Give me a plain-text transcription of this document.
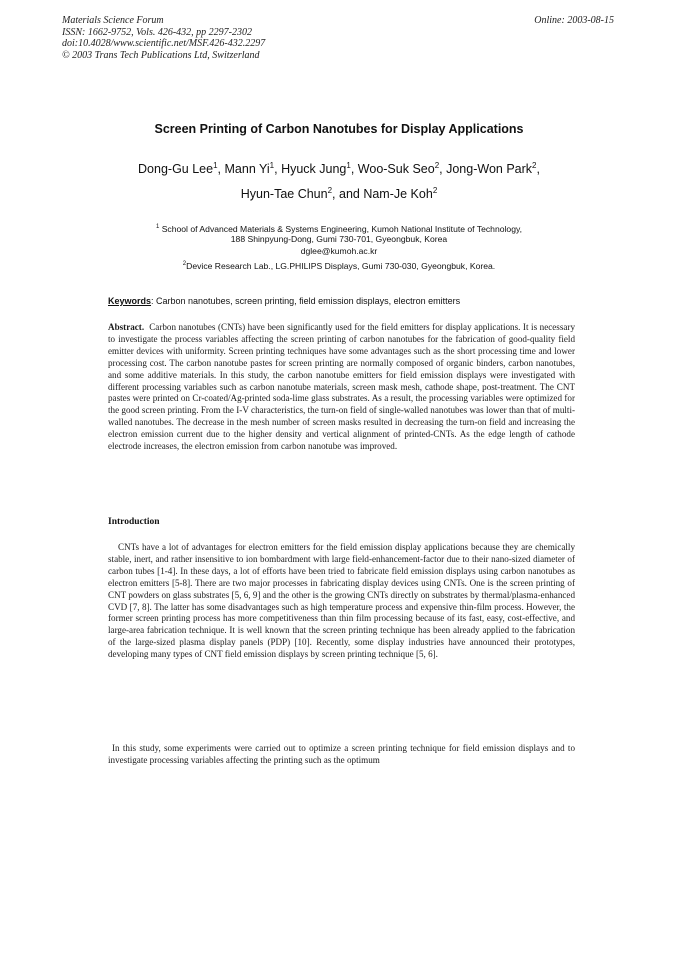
Materials Science Forum
ISSN: 1662-9752, Vols. 426-432, pp 2297-2302
doi:10.4028/www.scientific.net/MSF.426-432.2297
© 2003 Trans Tech Publications Ltd, Switzerland
Online: 2003-08-15
Screen Printing of Carbon Nanotubes for Display Applications
Dong-Gu Lee$^1$, Mann Yi$^1$, Hyuck Jung$^1$, Woo-Suk Seo$^2$, Jong-Won Park$^2$,
Hyun-Tae Chun$^2$, and Nam-Je Koh$^2$
$^1$ School of Advanced Materials & Systems Engineering, Kumoh National Institute of Technology,
188 Shinpyung-Dong, Gumi 730-701, Gyeongbuk, Korea
dglee@kumoh.ac.kr
$^2$Device Research Lab., LG.PHILIPS Displays, Gumi 730-030, Gyeongbuk, Korea.
Keywords: Carbon nanotubes, screen printing, field emission displays, electron emitters
Abstract. Carbon nanotubes (CNTs) have been significantly used for the field emitters for display applications. It is necessary to investigate the process variables affecting the screen printing of carbon nanotubes for the fabrication of good-quality field emitter devices with uniformity. Screen printing techniques have some advantages such as the short processing time and lower processing cost. The carbon nanotube pastes for screen printing are normally composed of organic binders, carbon nanotubes, and some additive materials. In this study, the carbon nanotube emitters for field emission displays were investigated with different processing variables such as carbon nanotube materials, screen mask mesh, cathode shape, post-treatment. The CNT pastes were printed on Cr-coated/Ag-printed soda-lime glass substrates. As a result, the processing variables were optimized for the good screen printing. From the I-V characteristics, the turn-on field of single-walled nanotubes was lower than that of multi-walled nanotubes. The decrease in the mesh number of screen masks resulted in decreasing the turn-on field and increasing the electron emission current due to the higher density and vertical alignment of printed-CNTs. As the edge length of cathode electrode increases, the electron emission from carbon nanotube was improved.
Introduction
CNTs have a lot of advantages for electron emitters for the field emission display applications because they are chemically stable, inert, and rather insensitive to ion bombardment with large field-enhancement-factor due to their nano-sized diameter of carbon tubes [1-4]. In these days, a lot of efforts have been tried to fabricate field emission displays using carbon nanotubes as electron emitters [5-8]. There are two major processes in fabricating display devices using CNTs. One is the screen printing of CNT powders on glass substrates [5, 6, 9] and the other is the growing CNTs directly on substrates by thermal/plasma-enhanced CVD [7, 8]. The latter has some disadvantages such as high temperature process and expensive thin-film process. However, the former screen printing process has more competitiveness than thin film processing because of its fast, easy, cost-effective, and large-area fabrication technique. It is well known that the screen printing technique has been already applied to the fabrication of the large-sized plasma display panels (PDP) [10]. Recently, some display industries have announced their prototypes, developing many types of CNT field emission displays by screen printing technique [5, 6].
In this study, some experiments were carried out to optimize a screen printing technique for field emission displays and to investigate processing variables affecting the printing such as the optimum
